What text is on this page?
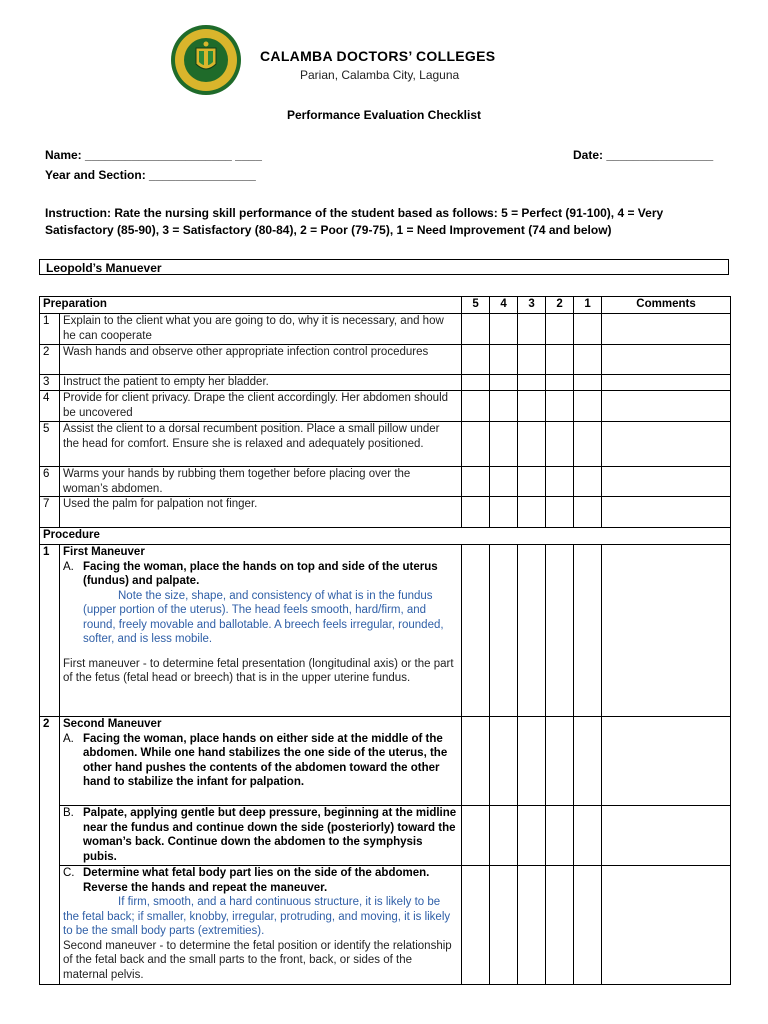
CALAMBA DOCTORS’ COLLEGES
Parian, Calamba City, Laguna
Performance Evaluation Checklist
Name: ______________________ ____	Date: ________________
Year and Section: ________________
Instruction: Rate the nursing skill performance of the student based as follows: 5 = Perfect (91-100), 4 = Very Satisfactory (85-90), 3 = Satisfactory (80-84), 2 = Poor (79-75), 1 = Need Improvement (74 and below)
Leopold’s Manuever
Preparation		5	4	3	2	1	Comments
1	Explain to the client what you are going to do, why it is necessary, and how he can cooperate						
2	Wash hands and observe other appropriate infection control procedures						
3	Instruct the patient to empty her bladder.						
4	Provide for client privacy. Drape the client accordingly. Her abdomen should be uncovered						
5	Assist the client to a dorsal recumbent position. Place a small pillow under the head for comfort. Ensure she is relaxed and adequately positioned.						
6	Warms your hands by rubbing them together before placing over the woman’s abdomen.						
7	Used the palm for palpation not finger.						
Procedure							
1	First Maneuver
A. Facing the woman, place the hands on top and side of the uterus (fundus) and palpate.
Note the size, shape, and consistency of what is in the fundus (upper portion of the uterus). The head feels smooth, hard/firm, and round, freely movable and ballotable. A breech feels irregular, rounded, softer, and is less mobile.
First maneuver - to determine fetal presentation (longitudinal axis) or the part of the fetus (fetal head or breech) that is in the upper uterine fundus.						

2	Second Maneuver
A. Facing the woman, place hands on either side at the middle of the abdomen. While one hand stabilizes the one side of the uterus, the other hand pushes the contents of the abdomen toward the other hand to stabilize the infant for palpation.						

	B. Palpate, applying gentle but deep pressure, beginning at the midline near the fundus and continue down the side (posteriorly) toward the woman’s back. Continue down the abdomen to the symphysis pubis.						

	C. Determine what fetal body part lies on the side of the abdomen. Reverse the hands and repeat the maneuver.
If firm, smooth, and a hard continuous structure, it is likely to be the fetal back; if smaller, knobby, irregular, protruding, and moving, it is likely to be the small body parts (extremities).
Second maneuver - to determine the fetal position or identify the relationship of the fetal back and the small parts to the front, back, or sides of the maternal pelvis.						
